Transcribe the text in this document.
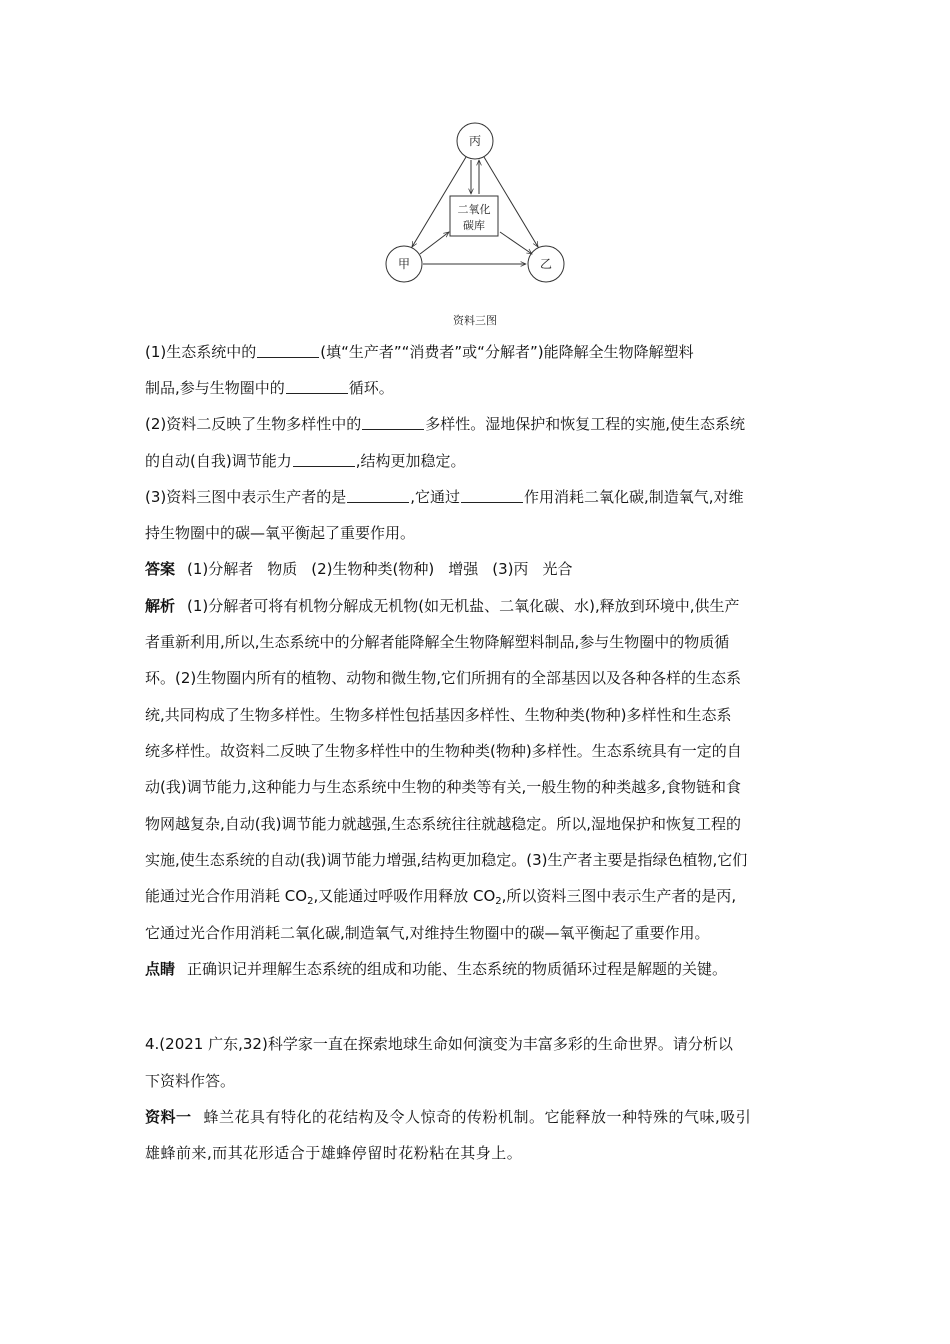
丙
甲	乙
二氧化
碳库
资料三图
(1)生态系统中的	(填“生产者”“消费者”或“分解者”)能降解全生物降解塑料
制品,参与生物圈中的	循环。
(2)资料二反映了生物多样性中的	多样性。湿地保护和恢复工程的实施,使生态系统
的自动(自我)调节能力	,结构更加稳定。
(3)资料三图中表示生产者的是	,它通过	作用消耗二氧化碳,制造氧气,对维
持生物圈中的碳—氧平衡起了重要作用。
答案 (1)分解者 物质 (2)生物种类(物种) 增强 (3)丙 光合
解析 (1)分解者可将有机物分解成无机物(如无机盐、二氧化碳、水),释放到环境中,供生产
者重新利用,所以,生态系统中的分解者能降解全生物降解塑料制品,参与生物圈中的物质循
环。(2)生物圈内所有的植物、动物和微生物,它们所拥有的全部基因以及各种各样的生态系
统,共同构成了生物多样性。生物多样性包括基因多样性、生物种类(物种)多样性和生态系
统多样性。故资料二反映了生物多样性中的生物种类(物种)多样性。生态系统具有一定的自
动(我)调节能力,这种能力与生态系统中生物的种类等有关,一般生物的种类越多,食物链和食
物网越复杂,自动(我)调节能力就越强,生态系统往往就越稳定。所以,湿地保护和恢复工程的
实施,使生态系统的自动(我)调节能力增强,结构更加稳定。(3)生产者主要是指绿色植物,它们
能通过光合作用消耗 $CO_2$,又能通过呼吸作用释放 $CO_2$,所以资料三图中表示生产者的是丙,
它通过光合作用消耗二氧化碳,制造氧气,对维持生物圈中的碳—氧平衡起了重要作用。
点睛 正确识记并理解生态系统的组成和功能、生态系统的物质循环过程是解题的关键。
4.(2021 广东,32)科学家一直在探索地球生命如何演变为丰富多彩的生命世界。请分析以
下资料作答。
资料一 蜂兰花具有特化的花结构及令人惊奇的传粉机制。它能释放一种特殊的气味,吸引
雄蜂前来,而其花形适合于雄蜂停留时花粉粘在其身上。
